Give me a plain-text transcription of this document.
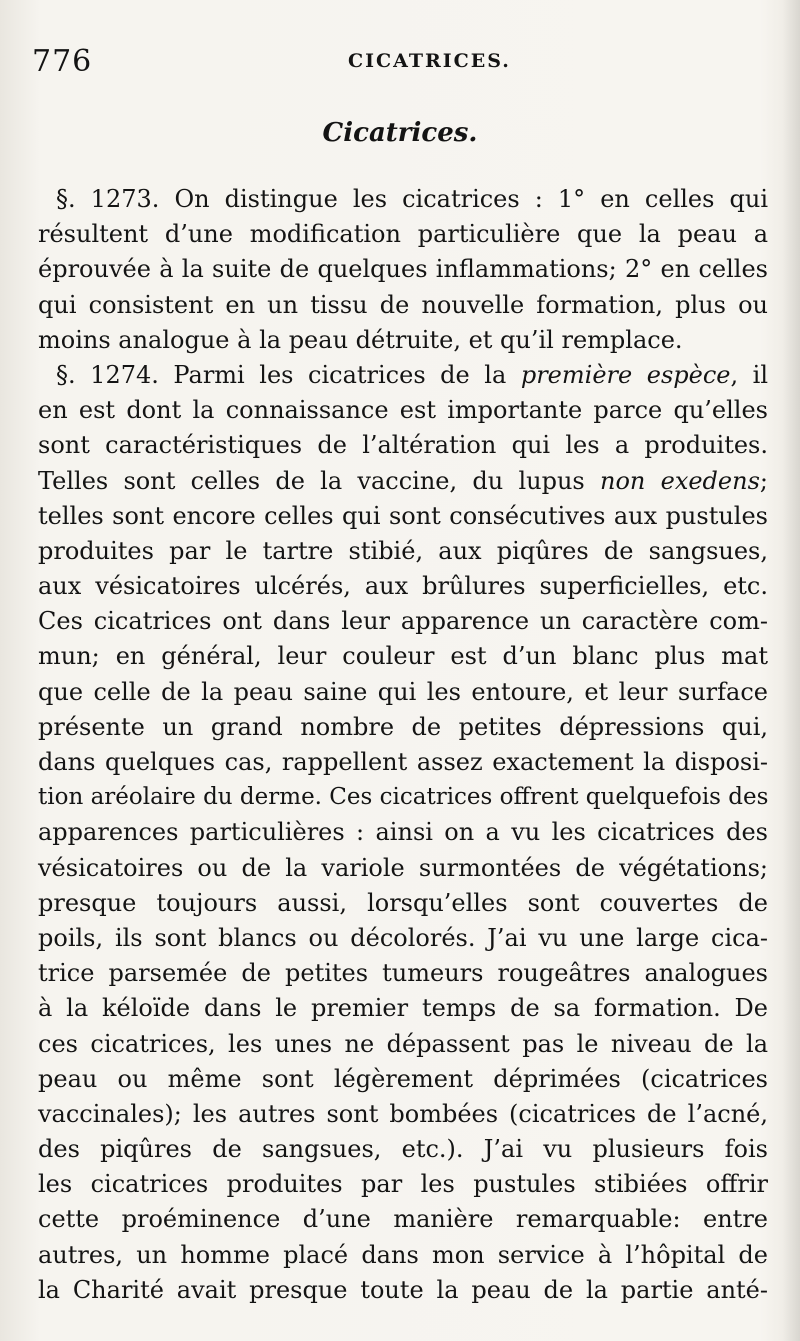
776	CICATRICES.
Cicatrices.
§. 1273. On distingue les cicatrices : 1° en celles qui
résultent d’une modification particulière que la peau a
éprouvée à la suite de quelques inflammations; 2° en celles
qui consistent en un tissu de nouvelle formation, plus ou
moins analogue à la peau détruite, et qu’il remplace.
§. 1274. Parmi les cicatrices de la première espèce, il
en est dont la connaissance est importante parce qu’elles
sont caractéristiques de l’altération qui les a produites.
Telles sont celles de la vaccine, du lupus non exedens;
telles sont encore celles qui sont consécutives aux pustules
produites par le tartre stibié, aux piqûres de sangsues,
aux vésicatoires ulcérés, aux brûlures superficielles, etc.
Ces cicatrices ont dans leur apparence un caractère com-
mun; en général, leur couleur est d’un blanc plus mat
que celle de la peau saine qui les entoure, et leur surface
présente un grand nombre de petites dépressions qui,
dans quelques cas, rappellent assez exactement la disposi-
tion aréolaire du derme. Ces cicatrices offrent quelquefois des
apparences particulières : ainsi on a vu les cicatrices des
vésicatoires ou de la variole surmontées de végétations;
presque toujours aussi, lorsqu’elles sont couvertes de
poils, ils sont blancs ou décolorés. J’ai vu une large cica-
trice parsemée de petites tumeurs rougeâtres analogues
à la kéloïde dans le premier temps de sa formation. De
ces cicatrices, les unes ne dépassent pas le niveau de la
peau ou même sont légèrement déprimées (cicatrices
vaccinales); les autres sont bombées (cicatrices de l’acné,
des piqûres de sangsues, etc.). J’ai vu plusieurs fois
les cicatrices produites par les pustules stibiées offrir
cette proéminence d’une manière remarquable: entre
autres, un homme placé dans mon service à l’hôpital de
la Charité avait presque toute la peau de la partie anté-
